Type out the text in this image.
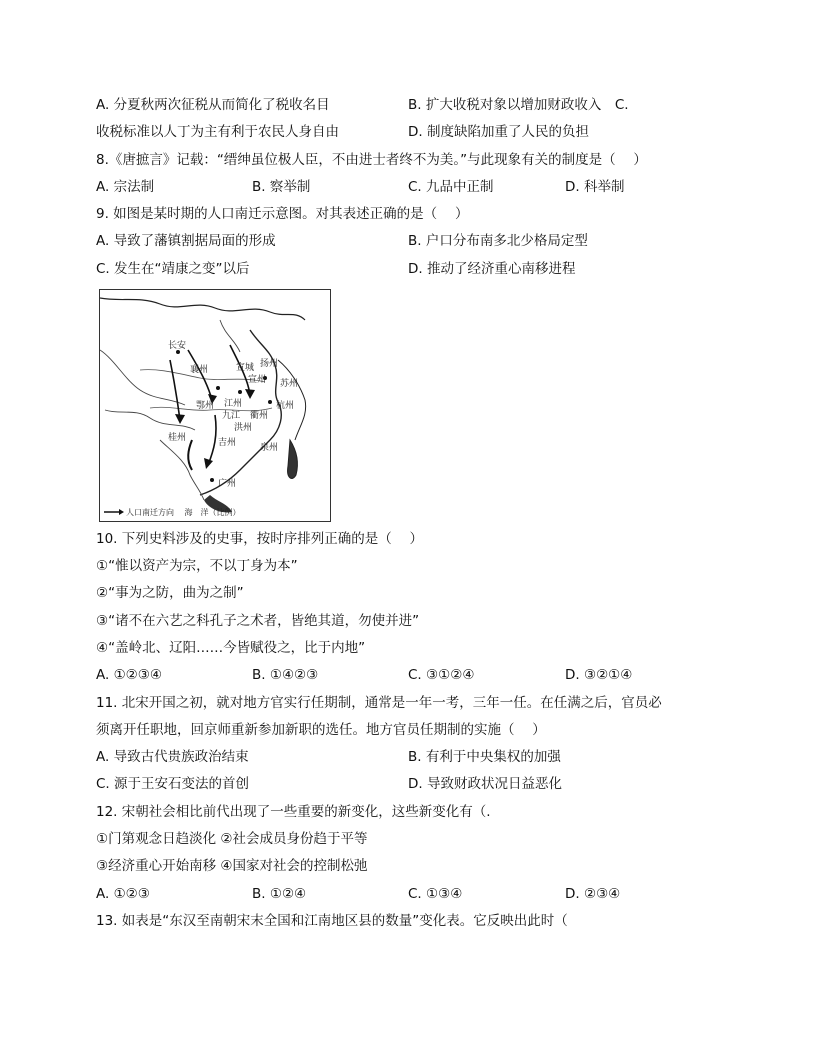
A. 分夏秋两次征税从而简化了税收名目	B. 扩大收税对象以增加财政收入　C.
收税标准以人丁为主有利于农民人身自由	D. 制度缺陷加重了人民的负担
8.《唐摭言》记载：“缙绅虽位极人臣，不由进士者终不为美。”与此现象有关的制度是（　 ）
A. 宗法制	B. 察举制	C. 九品中正制	D. 科举制
9. 如图是某时期的人口南迁示意图。对其表述正确的是（　 ）
A. 导致了藩镇割据局面的形成	B. 户口分布南多北少格局定型
C. 发生在“靖康之变”以后	D. 推动了经济重心南移进程
长安
襄州
鄂州 江州
九江
洪州
吉州
广州
泉州
杭州
苏州
宣州
宣城 扬州
衢州
桂州
人口南迁方向　 海　洋（比例）
10. 下列史料涉及的史事，按时序排列正确的是（　 ）
①“惟以资产为宗，不以丁身为本”
②“事为之防，曲为之制”
③“诸不在六艺之科孔子之术者，皆绝其道，勿使并进”
④“盖岭北、辽阳……今皆赋役之，比于内地”
A. ①②③④	B. ①④②③	C. ③①②④	D. ③②①④
11. 北宋开国之初，就对地方官实行任期制，通常是一年一考，三年一任。在任满之后，官员必
须离开任职地，回京师重新参加新职的选任。地方官员任期制的实施（　 ）
A. 导致古代贵族政治结束	B. 有利于中央集权的加强
C. 源于王安石变法的首创	D. 导致财政状况日益恶化
12. 宋朝社会相比前代出现了一些重要的新变化，这些新变化有（.
①门第观念日趋淡化 ②社会成员身份趋于平等
③经济重心开始南移 ④国家对社会的控制松弛
A. ①②③	B. ①②④	C. ①③④	D. ②③④
13. 如表是“东汉至南朝宋末全国和江南地区县的数量”变化表。它反映出此时（
